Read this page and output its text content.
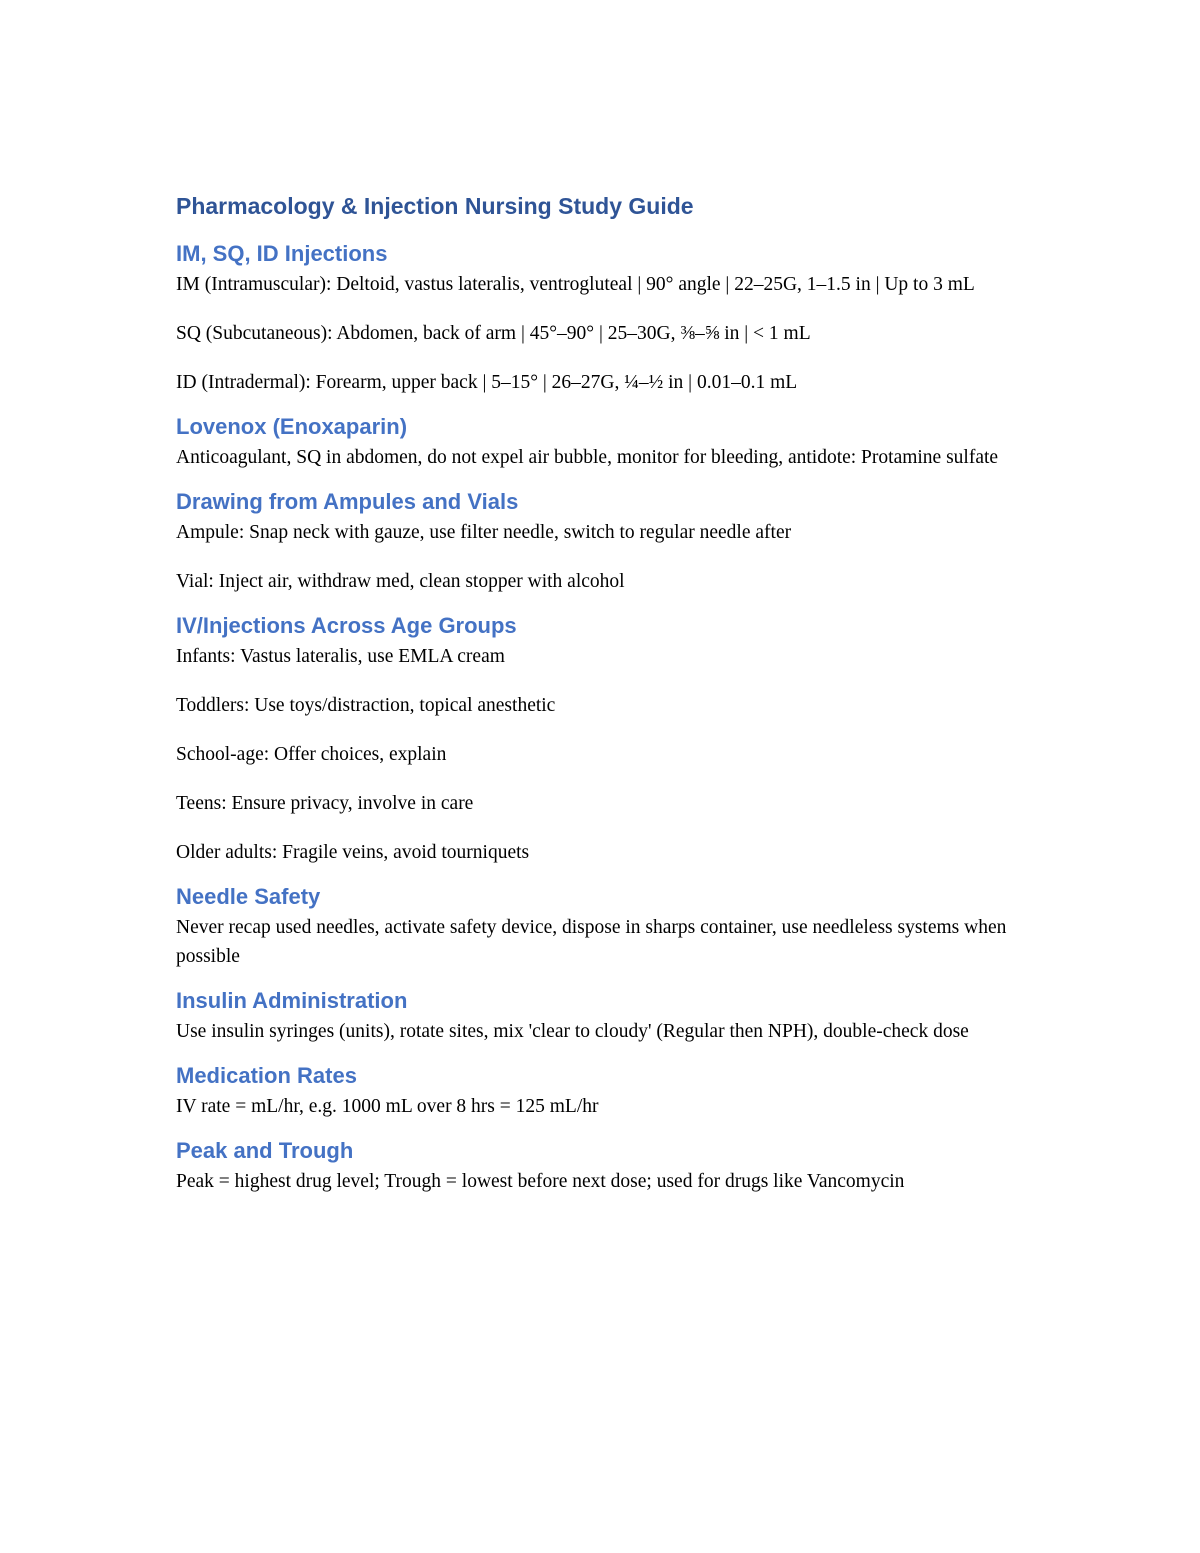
Pharmacology & Injection Nursing Study Guide
IM, SQ, ID Injections

IM (Intramuscular): Deltoid, vastus lateralis, ventrogluteal | 90° angle | 22–25G, 1–1.5 in | Up to 3 mL

SQ (Subcutaneous): Abdomen, back of arm | 45°–90° | 25–30G, ⅜–⅝ in | < 1 mL

ID (Intradermal): Forearm, upper back | 5–15° | 26–27G, ¼–½ in | 0.01–0.1 mL

Lovenox (Enoxaparin)

Anticoagulant, SQ in abdomen, do not expel air bubble, monitor for bleeding, antidote: Protamine sulfate

Drawing from Ampules and Vials

Ampule: Snap neck with gauze, use filter needle, switch to regular needle after

Vial: Inject air, withdraw med, clean stopper with alcohol

IV/Injections Across Age Groups

Infants: Vastus lateralis, use EMLA cream

Toddlers: Use toys/distraction, topical anesthetic

School-age: Offer choices, explain

Teens: Ensure privacy, involve in care

Older adults: Fragile veins, avoid tourniquets

Needle Safety

Never recap used needles, activate safety device, dispose in sharps container, use needleless systems when possible

Insulin Administration

Use insulin syringes (units), rotate sites, mix 'clear to cloudy' (Regular then NPH), double-check dose

Medication Rates

IV rate = mL/hr, e.g. 1000 mL over 8 hrs = 125 mL/hr

Peak and Trough

Peak = highest drug level; Trough = lowest before next dose; used for drugs like Vancomycin
